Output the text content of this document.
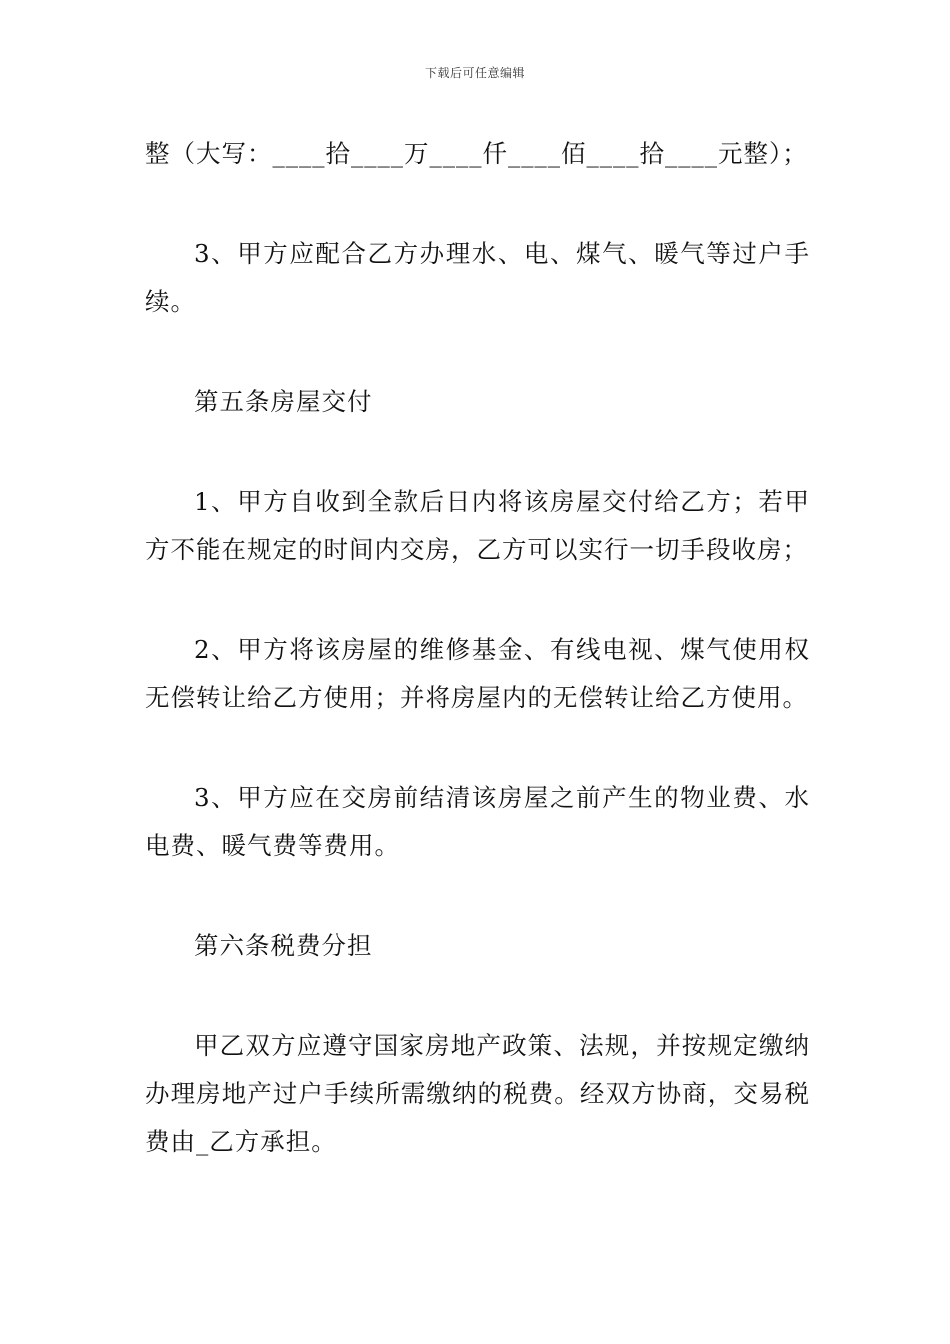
下载后可任意编辑

整（大写：____拾____万____仟____佰____拾____元整）；

3、甲方应配合乙方办理水、电、煤气、暖气等过户手续。

第五条房屋交付

1、甲方自收到全款后日内将该房屋交付给乙方；若甲方不能在规定的时间内交房，乙方可以实行一切手段收房；

2、甲方将该房屋的维修基金、有线电视、煤气使用权无偿转让给乙方使用；并将房屋内的无偿转让给乙方使用。

3、甲方应在交房前结清该房屋之前产生的物业费、水电费、暖气费等费用。

第六条税费分担

甲乙双方应遵守国家房地产政策、法规，并按规定缴纳办理房地产过户手续所需缴纳的税费。经双方协商，交易税费由_乙方承担。
